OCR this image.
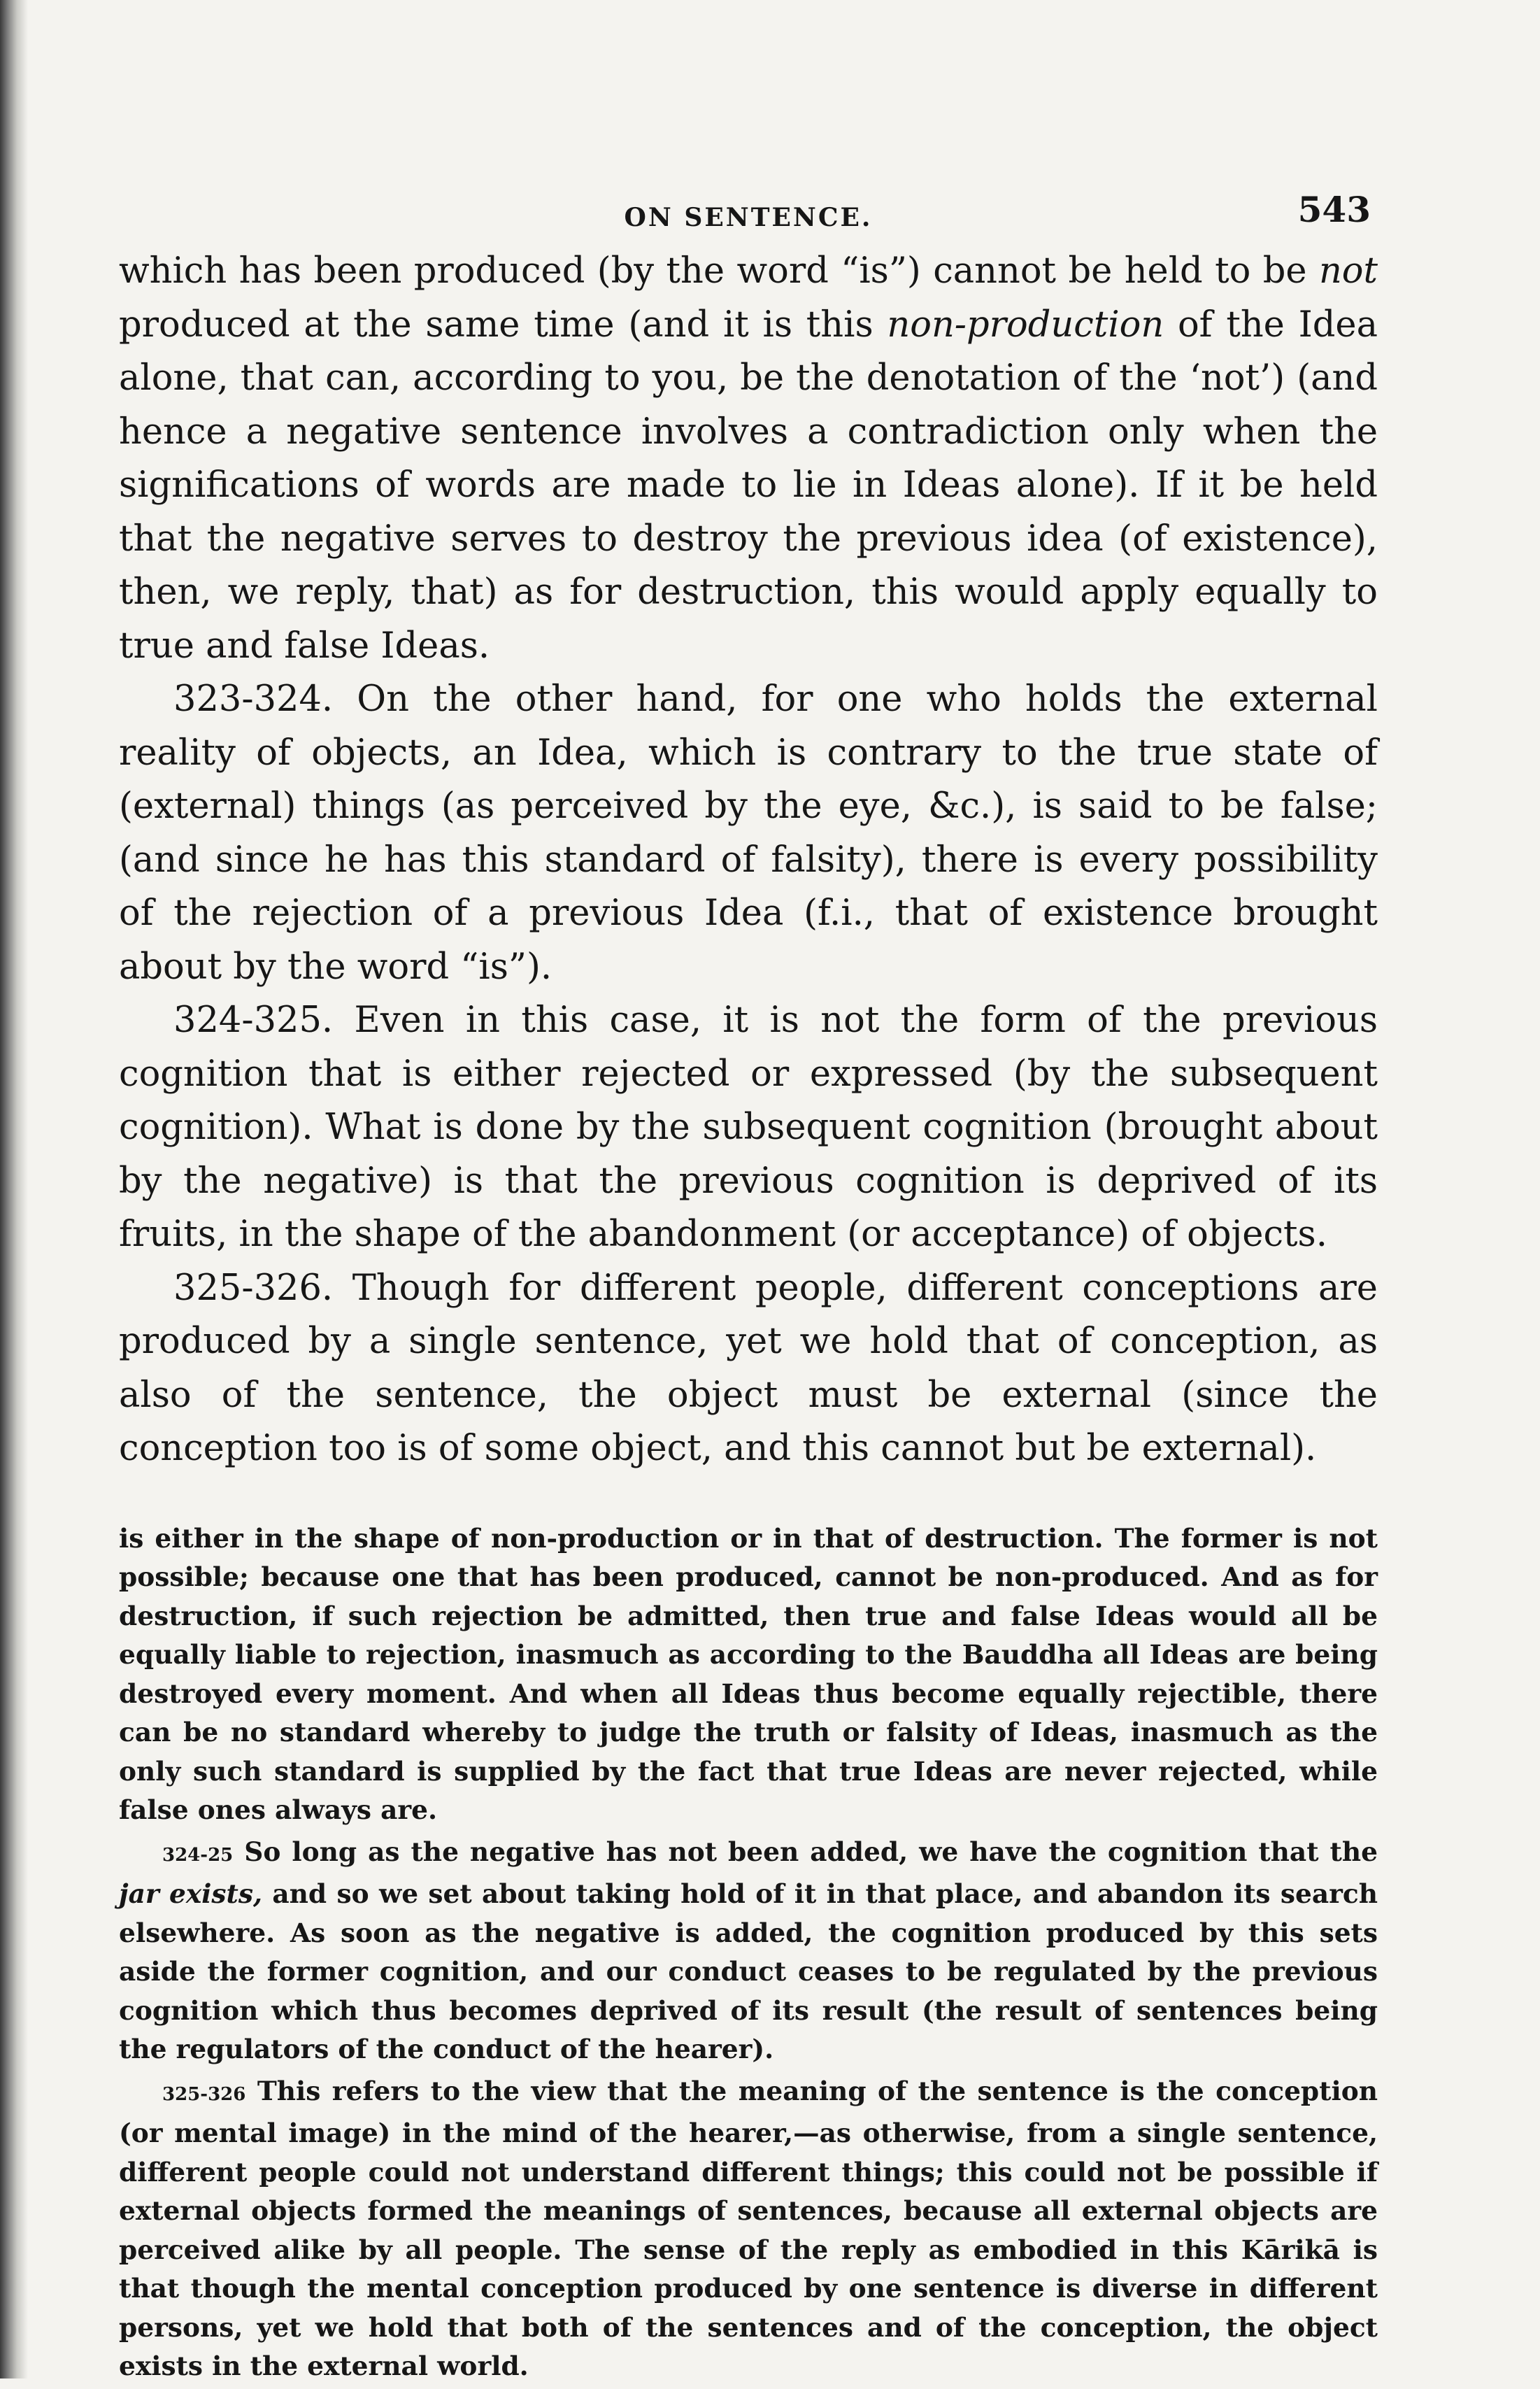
ON SENTENCE.	543

which has been produced (by the word “is”) cannot be held to be not produced at the same time (and it is this non-production of the Idea alone, that can, according to you, be the denotation of the ‘not’) (and hence a negative sentence involves a contradiction only when the significations of words are made to lie in Ideas alone). If it be held that the negative serves to destroy the previous idea (of existence), then, we reply, that) as for destruction, this would apply equally to true and false Ideas.

323-324. On the other hand, for one who holds the external reality of objects, an Idea, which is contrary to the true state of (external) things (as perceived by the eye, &c.), is said to be false; (and since he has this standard of falsity), there is every possibility of the rejection of a previous Idea (f.i., that of existence brought about by the word “is”).

324-325. Even in this case, it is not the form of the previous cognition that is either rejected or expressed (by the subsequent cognition). What is done by the subsequent cognition (brought about by the negative) is that the previous cognition is deprived of its fruits, in the shape of the abandonment (or acceptance) of objects.

325-326. Though for different people, different conceptions are produced by a single sentence, yet we hold that of conception, as also of the sentence, the object must be external (since the conception too is of some object, and this cannot but be external).

is either in the shape of non-production or in that of destruction. The former is not possible; because one that has been produced, cannot be non-produced. And as for destruction, if such rejection be admitted, then true and false Ideas would all be equally liable to rejection, inasmuch as according to the Bauddha all Ideas are being destroyed every moment. And when all Ideas thus become equally rejectible, there can be no standard whereby to judge the truth or falsity of Ideas, inasmuch as the only such standard is supplied by the fact that true Ideas are never rejected, while false ones always are.

324-25 So long as the negative has not been added, we have the cognition that the jar exists, and so we set about taking hold of it in that place, and abandon its search elsewhere. As soon as the negative is added, the cognition produced by this sets aside the former cognition, and our conduct ceases to be regulated by the previous cognition which thus becomes deprived of its result (the result of sentences being the regulators of the conduct of the hearer).

325-326 This refers to the view that the meaning of the sentence is the conception (or mental image) in the mind of the hearer,—as otherwise, from a single sentence, different people could not understand different things; this could not be possible if external objects formed the meanings of sentences, because all external objects are perceived alike by all people. The sense of the reply as embodied in this Kārikā is that though the mental conception produced by one sentence is diverse in different persons, yet we hold that both of the sentences and of the conception, the object exists in the external world.
